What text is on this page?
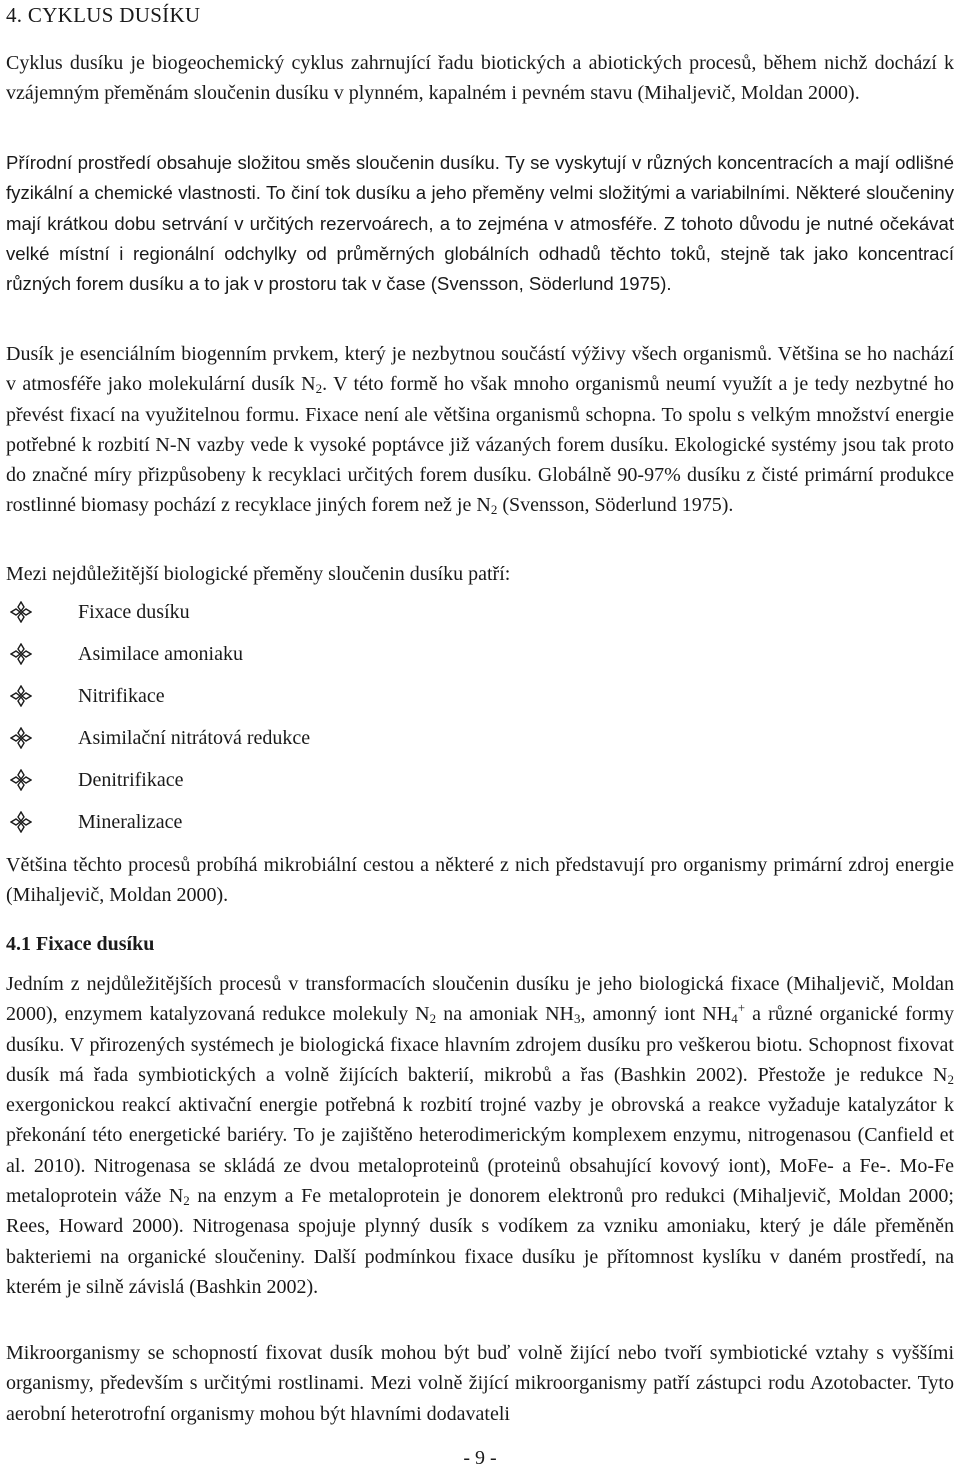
4. CYKLUS DUSÍKU

Cyklus dusíku je biogeochemický cyklus zahrnující řadu biotických a abiotických procesů, během nichž dochází k vzájemným přeměnám sloučenin dusíku v plynném, kapalném i pevném stavu (Mihaljevič, Moldan 2000).

Přírodní prostředí obsahuje složitou směs sloučenin dusíku. Ty se vyskytují v různých koncentracích a mají odlišné fyzikální a chemické vlastnosti. To činí tok dusíku a jeho přeměny velmi složitými a variabilními. Některé sloučeniny mají krátkou dobu setrvání v určitých rezervoárech, a to zejména v atmosféře. Z tohoto důvodu je nutné očekávat velké místní i regionální odchylky od průměrných globálních odhadů těchto toků, stejně tak jako koncentrací různých forem dusíku a to jak v prostoru tak v čase (Svensson, Söderlund 1975).

Dusík je esenciálním biogenním prvkem, který je nezbytnou součástí výživy všech organismů. Většina se ho nachází v atmosféře jako molekulární dusík $N_2$. V této formě ho však mnoho organismů neumí využít a je tedy nezbytné ho převést fixací na využitelnou formu. Fixace není ale většina organismů schopna. To spolu s velkým množství energie potřebné k rozbití N-N vazby vede k vysoké poptávce již vázaných forem dusíku. Ekologické systémy jsou tak proto do značné míry přizpůsobeny k recyklaci určitých forem dusíku. Globálně 90-97% dusíku z čisté primární produkce rostlinné biomasy pochází z recyklace jiných forem než je $N_2$ (Svensson, Söderlund 1975).

Mezi nejdůležitější biologické přeměny sloučenin dusíku patří:

Fixace dusíku
Asimilace amoniaku
Nitrifikace
Asimilační nitrátová redukce
Denitrifikace
Mineralizace

Většina těchto procesů probíhá mikrobiální cestou a některé z nich představují pro organismy primární zdroj energie (Mihaljevič, Moldan 2000).

4.1 Fixace dusíku

Jedním z nejdůležitějších procesů v transformacích sloučenin dusíku je jeho biologická fixace (Mihaljevič, Moldan 2000), enzymem katalyzovaná redukce molekuly $N_2$ na amoniak $NH_3$, amonný iont $NH_4^+$ a různé organické formy dusíku. V přirozených systémech je biologická fixace hlavním zdrojem dusíku pro veškerou biotu. Schopnost fixovat dusík má řada symbiotických a volně žijících bakterií, mikrobů a řas (Bashkin 2002). Přestože je redukce $N_2$ exergonickou reakcí aktivační energie potřebná k rozbití trojné vazby je obrovská a reakce vyžaduje katalyzátor k překonání této energetické bariéry. To je zajištěno heterodimerickým komplexem enzymu, nitrogenasou (Canfield et al. 2010). Nitrogenasa se skládá ze dvou metaloproteinů (proteinů obsahující kovový iont), MoFe- a Fe-. Mo-Fe metaloprotein váže $N_2$ na enzym a Fe metaloprotein je donorem elektronů pro redukci (Mihaljevič, Moldan 2000; Rees, Howard 2000). Nitrogenasa spojuje plynný dusík s vodíkem za vzniku amoniaku, který je dále přeměněn bakteriemi na organické sloučeniny. Další podmínkou fixace dusíku je přítomnost kyslíku v daném prostředí, na kterém je silně závislá (Bashkin 2002).

Mikroorganismy se schopností fixovat dusík mohou být buď volně žijící nebo tvoří symbiotické vztahy s vyššími organismy, především s určitými rostlinami. Mezi volně žijící mikroorganismy patří zástupci rodu Azotobacter. Tyto aerobní heterotrofní organismy mohou být hlavními dodavateli

- 9 -
